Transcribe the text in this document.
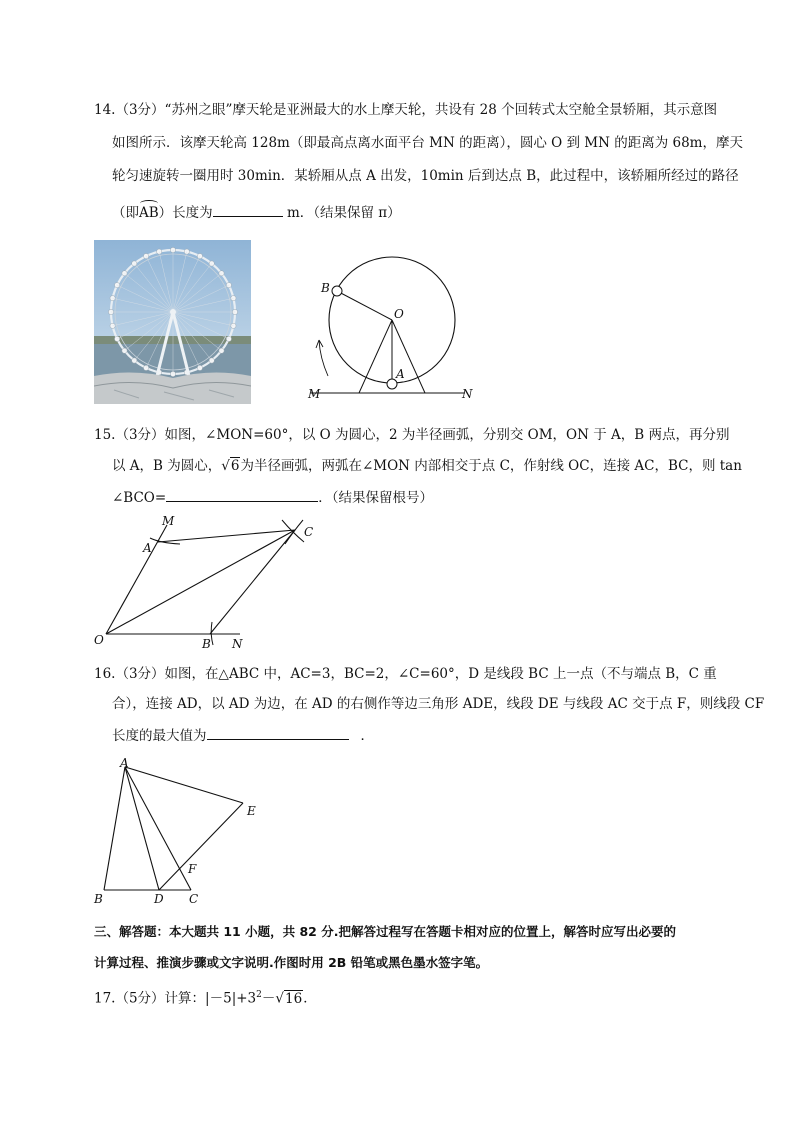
14.（3分）“苏州之眼”摩天轮是亚洲最大的水上摩天轮，共设有 28 个回转式太空舱全景轿厢，其示意图
如图所示．该摩天轮高 128m（即最高点离水面平台 MN 的距离），圆心 O 到 MN 的距离为 68m，摩天
轮匀速旋转一圈用时 30min．某轿厢从点 A 出发，10min 后到达点 B，此过程中，该轿厢所经过的路径
（即AB）长度为	m．（结果保留 π）
B
O
A
M	N
15.（3分）如图，∠MON=60°，以 O 为圆心，2 为半径画弧，分别交 OM，ON 于 A，B 两点，再分别
以 A，B 为圆心，√6为半径画弧，两弧在∠MON 内部相交于点 C，作射线 OC，连接 AC，BC，则 tan
∠BCO=	．（结果保留根号）
M
A
C
O	B N
16.（3分）如图，在△ABC 中，AC=3，BC=2，∠C=60°，D 是线段 BC 上一点（不与端点 B，C 重
合），连接 AD，以 AD 为边，在 AD 的右侧作等边三角形 ADE，线段 DE 与线段 AC 交于点 F，则线段 CF
长度的最大值为	．
A
E
F
B	D C
三、解答题：本大题共 11 小题，共 82 分.把解答过程写在答题卡相对应的位置上，解答时应写出必要的
计算过程、推演步骤或文字说明.作图时用 2B 铅笔或黑色墨水签字笔。
17.（5分）计算：$|-5|+3^2-√16$．
